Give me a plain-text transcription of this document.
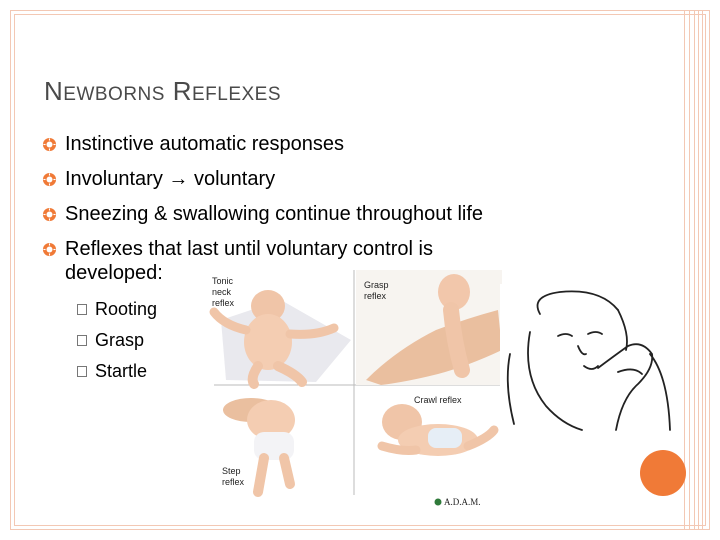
NEWBORNS REFLEXES
Instinctive automatic responses
Involuntary → voluntary
Sneezing & swallowing continue throughout life
Reflexes that last until voluntary control is developed:
Rooting
Grasp
Startle
Tonic
neck
reflex
Grasp
reflex
Step
reflex
Crawl reflex
A.D.A.M.
